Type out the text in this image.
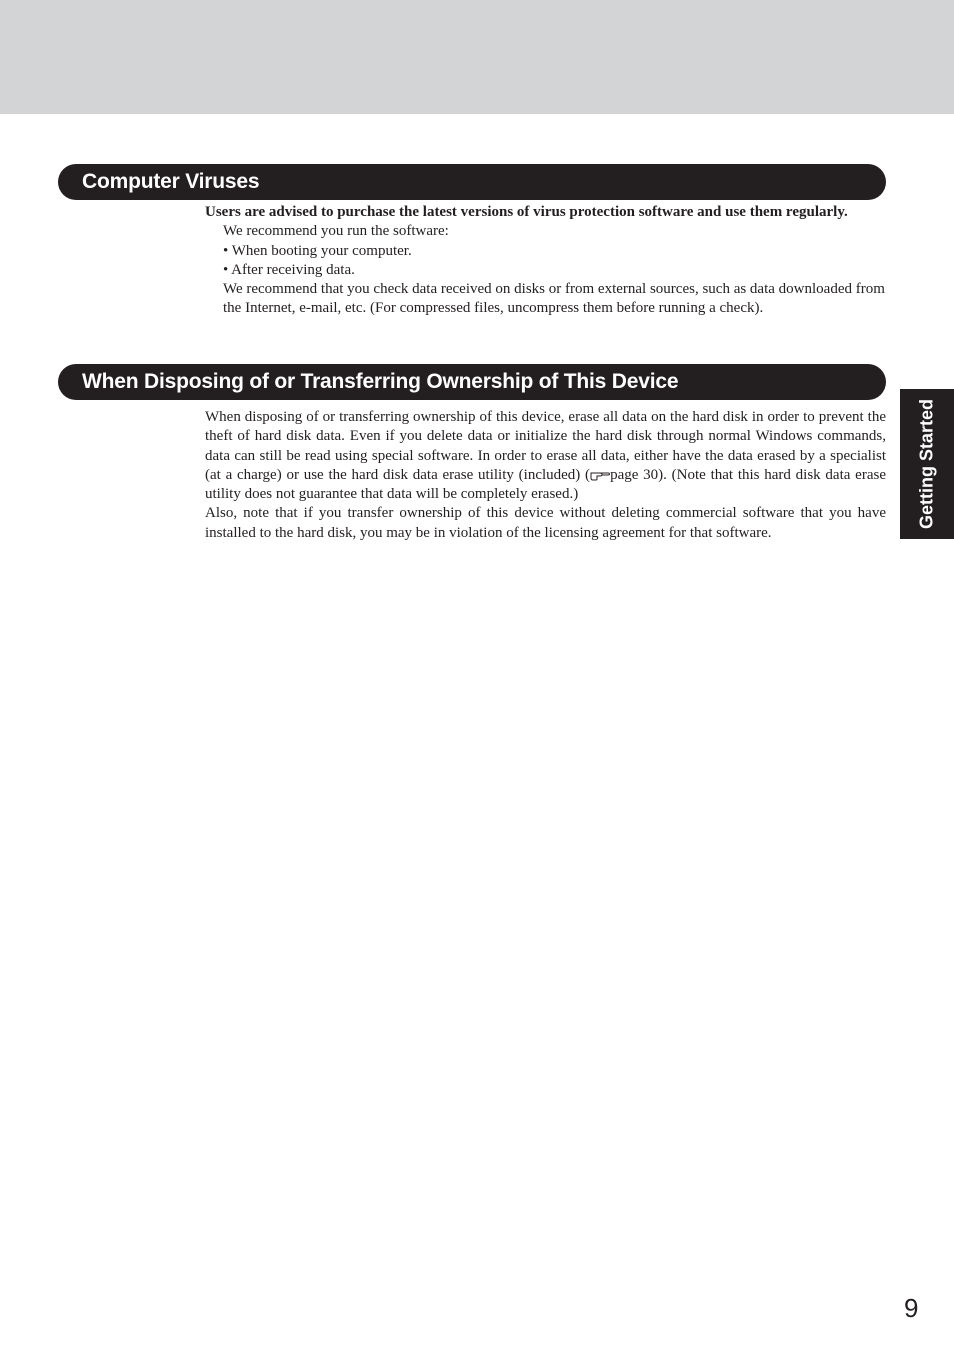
Computer Viruses

Users are advised to purchase the latest versions of virus protection software and use them regularly.

We recommend you run the software:

• When booting your computer.

• After receiving data.

We recommend that you check data received on disks or from external sources, such as data downloaded from the Internet, e-mail, etc. (For compressed files, uncompress them before running a check).

When Disposing of or Transferring Ownership of This Device

When disposing of or transferring ownership of this device, erase all data on the hard disk in order to prevent the theft of hard disk data. Even if you delete data or initialize the hard disk through normal Windows commands, data can still be read using special software. In order to erase all data, either have the data erased by a specialist (at a charge) or use the hard disk data erase utility (included) ( page 30). (Note that this hard disk data erase utility does not guarantee that data will be completely erased.)

Also, note that if you transfer ownership of this device without deleting commercial software that you have installed to the hard disk, you may be in violation of the licensing agreement for that software.

Getting Started
9
